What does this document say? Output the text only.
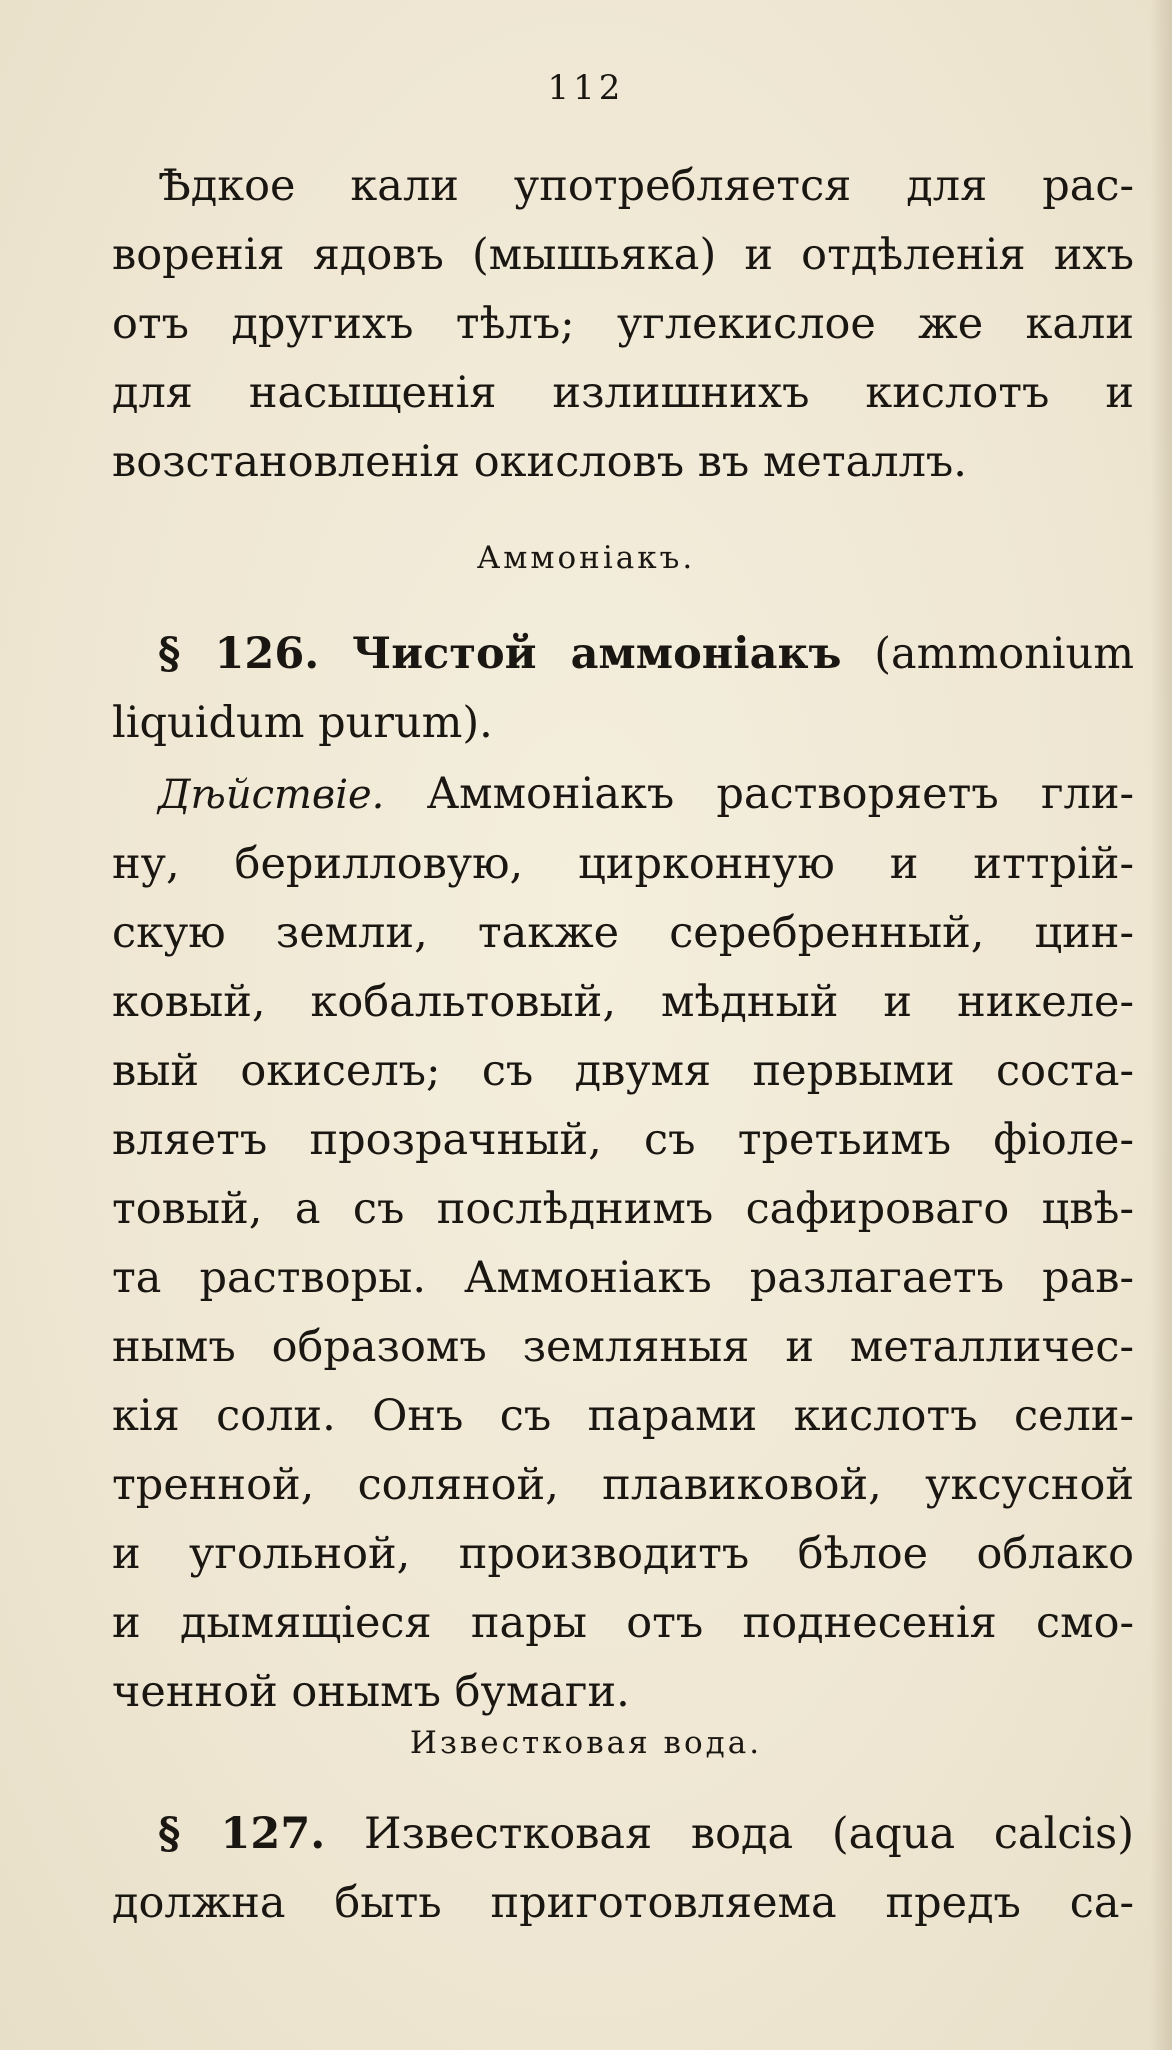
112
Ѣдкое кали употребляется для рас-
воренія ядовъ (мышьяка) и отдѣленія ихъ
отъ другихъ тѣлъ; углекислое же кали
для насыщенія излишнихъ кислотъ и
возстановленія окисловъ въ металлъ.
Аммоніакъ.
§ 126. Чистой аммоніакъ (ammonium
liquidum purum).
Дѣйствіе. Аммоніакъ растворяетъ гли-
ну, берилловую, цирконную и иттрій-
скую земли, также серебренный, цин-
ковый, кобальтовый, мѣдный и никеле-
вый окиселъ; съ двумя первыми соста-
вляетъ прозрачный, съ третьимъ фіоле-
товый, а съ послѣднимъ сафироваго цвѣ-
та растворы. Аммоніакъ разлагаетъ рав-
нымъ образомъ земляныя и металличес-
кія соли. Онъ съ парами кислотъ сели-
тренной, соляной, плавиковой, уксусной
и угольной, производитъ бѣлое облако
и дымящіеся пары отъ поднесенія смо-
ченной онымъ бумаги.
Известковая вода.
§ 127. Известковая вода (aqua calcis)
должна быть приготовляема предъ са-
